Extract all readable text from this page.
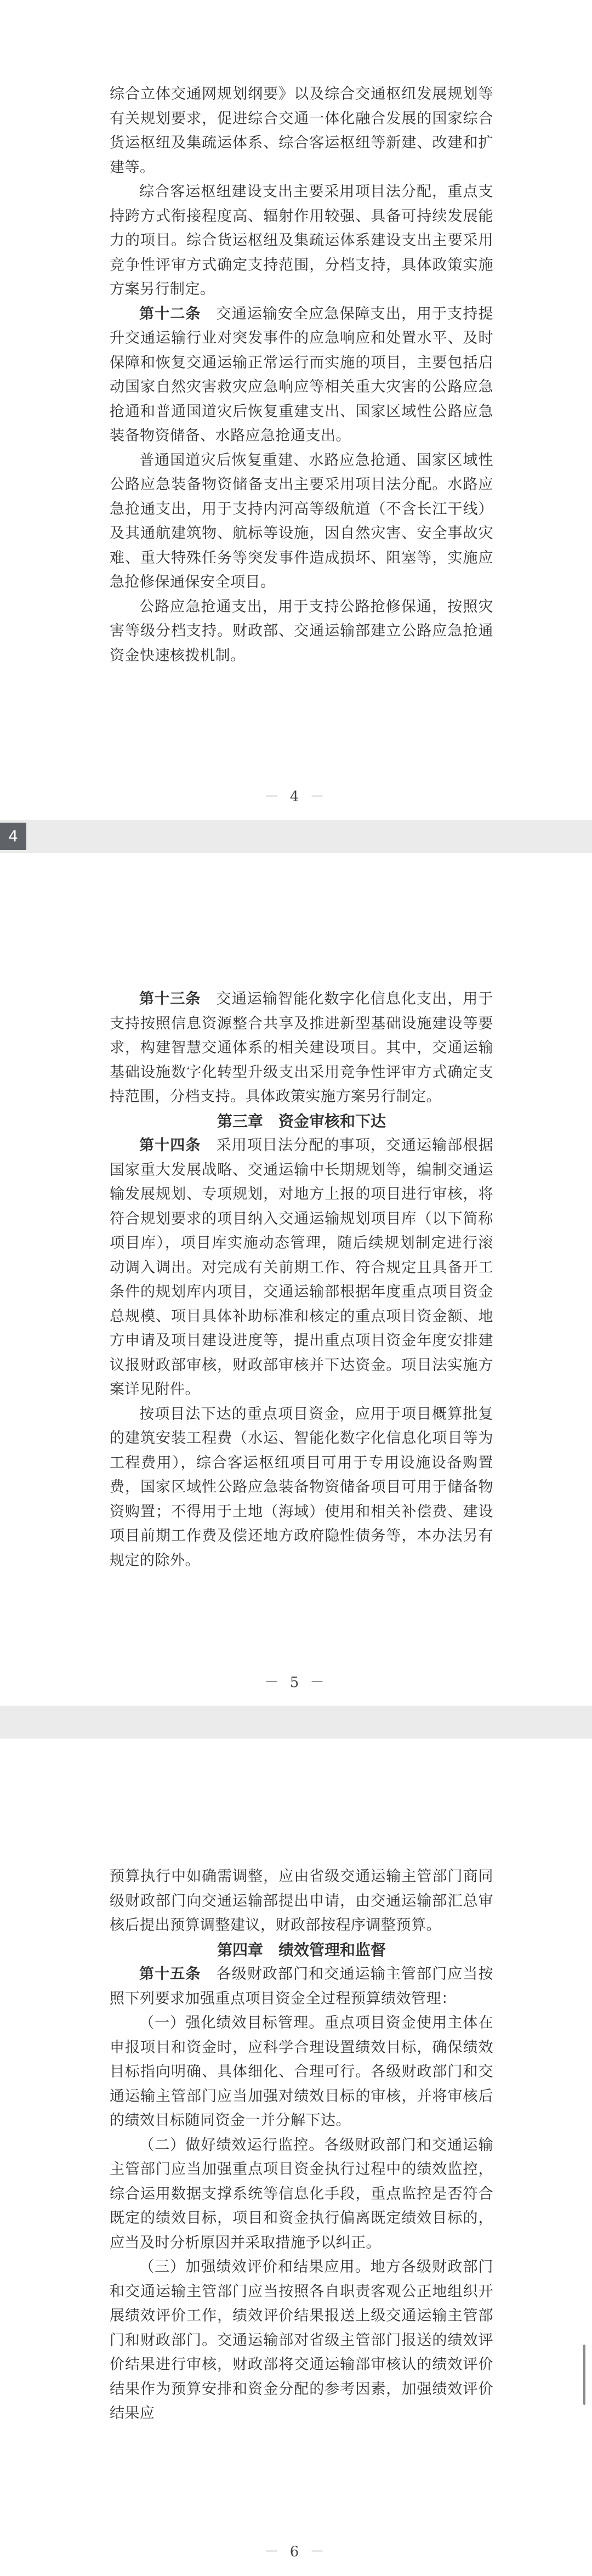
综合立体交通网规划纲要》以及综合交通枢纽发展规划等有关规划要求，促进综合交通一体化融合发展的国家综合货运枢纽及集疏运体系、综合客运枢纽等新建、改建和扩建等。

综合客运枢纽建设支出主要采用项目法分配，重点支持跨方式衔接程度高、辐射作用较强、具备可持续发展能力的项目。综合货运枢纽及集疏运体系建设支出主要采用竞争性评审方式确定支持范围，分档支持，具体政策实施方案另行制定。

第十二条　 交通运输安全应急保障支出，用于支持提升交通运输行业对突发事件的应急响应和处置水平、及时保障和恢复交通运输正常运行而实施的项目，主要包括启动国家自然灾害救灾应急响应等相关重大灾害的公路应急抢通和普通国道灾后恢复重建支出、国家区域性公路应急装备物资储备、水路应急抢通支出。

普通国道灾后恢复重建、水路应急抢通、国家区域性公路应急装备物资储备支出主要采用项目法分配。水路应急抢通支出，用于支持内河高等级航道（不含长江干线）及其通航建筑物、航标等设施，因自然灾害、安全事故灾难、重大特殊任务等突发事件造成损坏、阻塞等，实施应急抢修保通保安全项目。

公路应急抢通支出，用于支持公路抢修保通，按照灾害等级分档支持。财政部、交通运输部建立公路应急抢通资金快速核拨机制。

－ 4 －
4

第十三条　 交通运输智能化数字化信息化支出，用于支持按照信息资源整合共享及推进新型基础设施建设等要求，构建智慧交通体系的相关建设项目。其中，交通运输基础设施数字化转型升级支出采用竞争性评审方式确定支持范围，分档支持。具体政策实施方案另行制定。

第三章　资金审核和下达

第十四条　 采用项目法分配的事项，交通运输部根据国家重大发展战略、交通运输中长期规划等，编制交通运输发展规划、专项规划，对地方上报的项目进行审核，将符合规划要求的项目纳入交通运输规划项目库（以下简称项目库），项目库实施动态管理，随后续规划制定进行滚动调入调出。对完成有关前期工作、符合规定且具备开工条件的规划库内项目，交通运输部根据年度重点项目资金总规模、项目具体补助标准和核定的重点项目资金额、地方申请及项目建设进度等，提出重点项目资金年度安排建议报财政部审核，财政部审核并下达资金。项目法实施方案详见附件。

按项目法下达的重点项目资金，应用于项目概算批复的建筑安装工程费（水运、智能化数字化信息化项目等为工程费用），综合客运枢纽项目可用于专用设施设备购置费，国家区域性公路应急装备物资储备项目可用于储备物资购置；不得用于土地（海域）使用和相关补偿费、建设项目前期工作费及偿还地方政府隐性债务等，本办法另有规定的除外。

－ 5 －

预算执行中如确需调整，应由省级交通运输主管部门商同级财政部门向交通运输部提出申请，由交通运输部汇总审核后提出预算调整建议，财政部按程序调整预算。

第四章　绩效管理和监督

第十五条　 各级财政部门和交通运输主管部门应当按照下列要求加强重点项目资金全过程预算绩效管理：

（一）强化绩效目标管理。重点项目资金使用主体在申报项目和资金时，应科学合理设置绩效目标，确保绩效目标指向明确、具体细化、合理可行。各级财政部门和交通运输主管部门应当加强对绩效目标的审核，并将审核后的绩效目标随同资金一并分解下达。

（二）做好绩效运行监控。各级财政部门和交通运输主管部门应当加强重点项目资金执行过程中的绩效监控，综合运用数据支撑系统等信息化手段，重点监控是否符合既定的绩效目标，项目和资金执行偏离既定绩效目标的，应当及时分析原因并采取措施予以纠正。

（三）加强绩效评价和结果应用。地方各级财政部门和交通运输主管部门应当按照各自职责客观公正地组织开展绩效评价工作，绩效评价结果报送上级交通运输主管部门和财政部门。交通运输部对省级主管部门报送的绩效评价结果进行审核，财政部将交通运输部审核认的绩效评价结果作为预算安排和资金分配的参考因素，加强绩效评价结果应

－ 6 －
